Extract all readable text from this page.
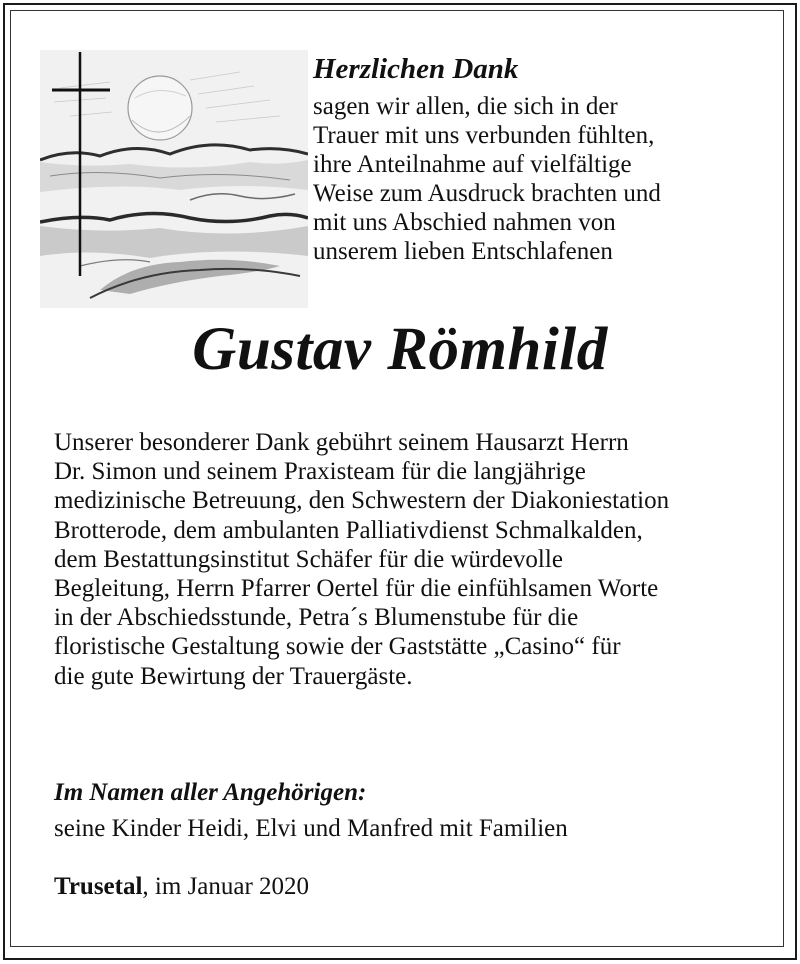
Herzlichen Dank
sagen wir allen, die sich in der
Trauer mit uns verbunden fühlten,
ihre Anteilnahme auf vielfältige
Weise zum Ausdruck brachten und
mit uns Abschied nahmen von
unserem lieben Entschlafenen
Gustav Römhild
Unserer besonderer Dank gebührt seinem Hausarzt Herrn
Dr. Simon und seinem Praxisteam für die langjährige
medizinische Betreuung, den Schwestern der Diakoniestation
Brotterode, dem ambulanten Palliativdienst Schmalkalden,
dem Bestattungsinstitut Schäfer für die würdevolle
Begleitung, Herrn Pfarrer Oertel für die einfühlsamen Worte
in der Abschiedsstunde, Petra´s Blumenstube für die
floristische Gestaltung sowie der Gaststätte „Casino“ für
die gute Bewirtung der Trauergäste.
Im Namen aller Angehörigen:
seine Kinder Heidi, Elvi und Manfred mit Familien
Trusetal, im Januar 2020
